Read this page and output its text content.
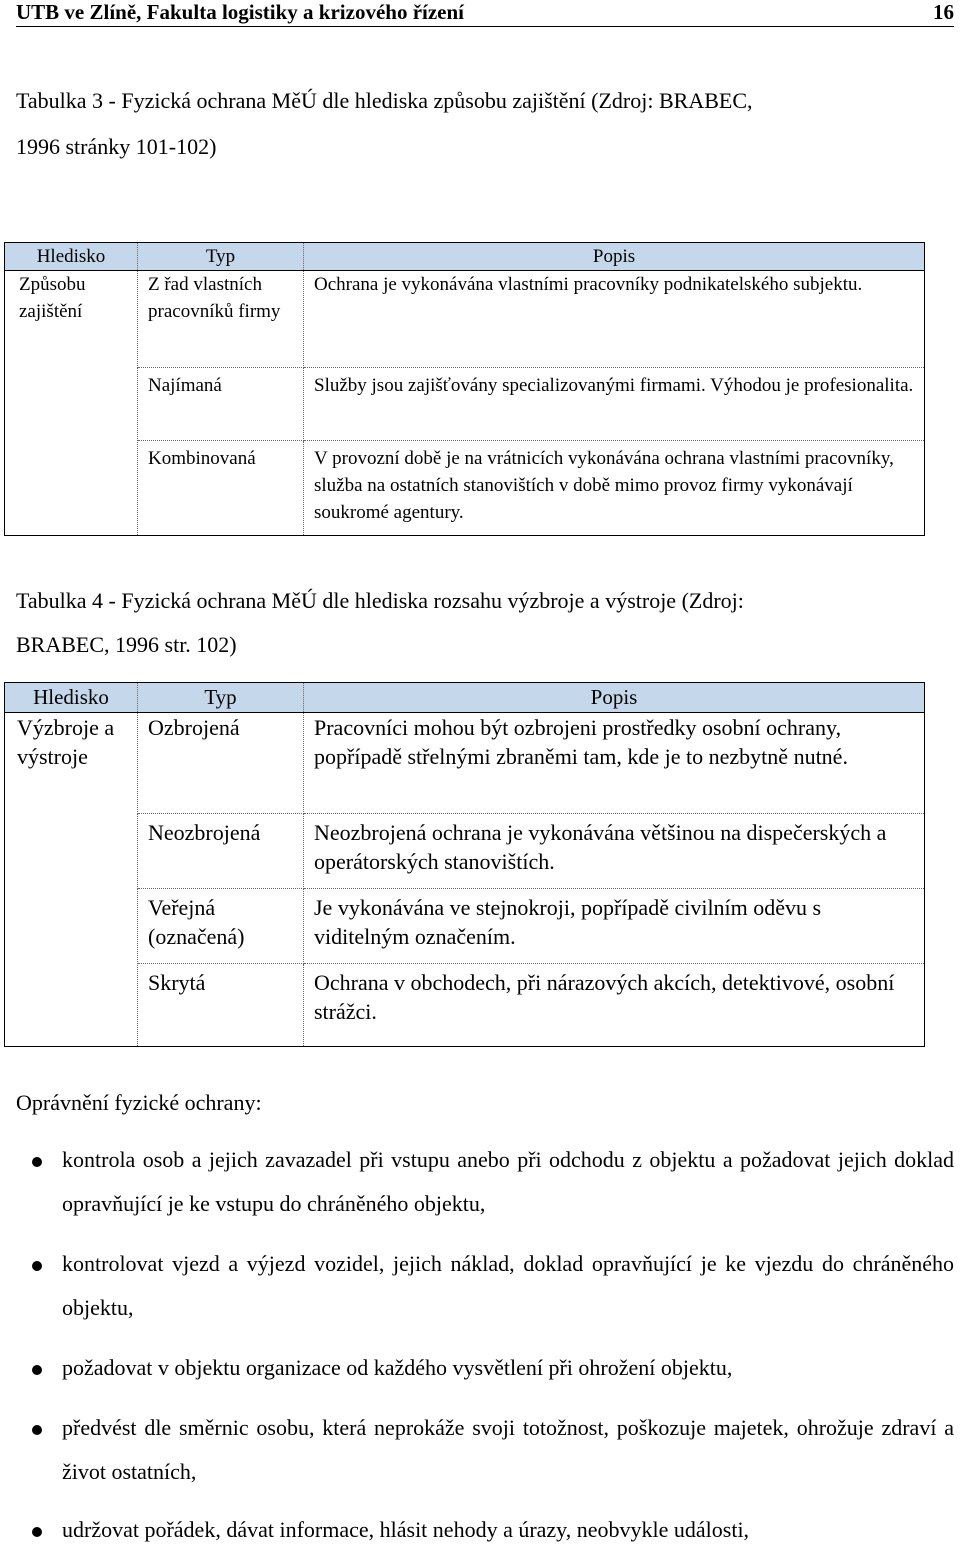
UTB ve Zlíně, Fakulta logistiky a krizového řízení	16
Tabulka 3 - Fyzická ochrana MěÚ dle hlediska způsobu zajištění (Zdroj: BRABEC,
1996 stránky 101-102)
Hledisko	Typ	Popis
Způsobu zajištění	Z řad vlastních pracovníků firmy	Ochrana je vykonávána vlastními pracovníky podnikatelského subjektu.
	Najímaná	Služby jsou zajišťovány specializovanými firmami. Výhodou je profesionalita.
	Kombinovaná	V provozní době je na vrátnicích vykonávána ochrana vlastními pracovníky, služba na ostatních stanovištích v době mimo provoz firmy vykonávají soukromé agentury.
Tabulka 4 - Fyzická ochrana MěÚ dle hlediska rozsahu výzbroje a výstroje (Zdroj:
BRABEC, 1996 str. 102)
Hledisko	Typ	Popis
Výzbroje a výstroje	Ozbrojená	Pracovníci mohou být ozbrojeni prostředky osobní ochrany, popřípadě střelnými zbraněmi tam, kde je to nezbytně nutné.
	Neozbrojená	Neozbrojená ochrana je vykonávána většinou na dispečerských a operátorských stanovištích.
	Veřejná (označená)	Je vykonávána ve stejnokroji, popřípadě civilním oděvu s viditelným označením.
	Skrytá	Ochrana v obchodech, při nárazových akcích, detektivové, osobní strážci.
Oprávnění fyzické ochrany:
kontrola osob a jejich zavazadel při vstupu anebo při odchodu z objektu a požadovat jejich doklad opravňující je ke vstupu do chráněného objektu,
kontrolovat vjezd a výjezd vozidel, jejich náklad, doklad opravňující je ke vjezdu do chráněného objektu,
požadovat v objektu organizace od každého vysvětlení při ohrožení objektu,
předvést dle směrnic osobu, která neprokáže svoji totožnost, poškozuje majetek, ohrožuje zdraví a život ostatních,
udržovat pořádek, dávat informace, hlásit nehody a úrazy, neobvykle události,
